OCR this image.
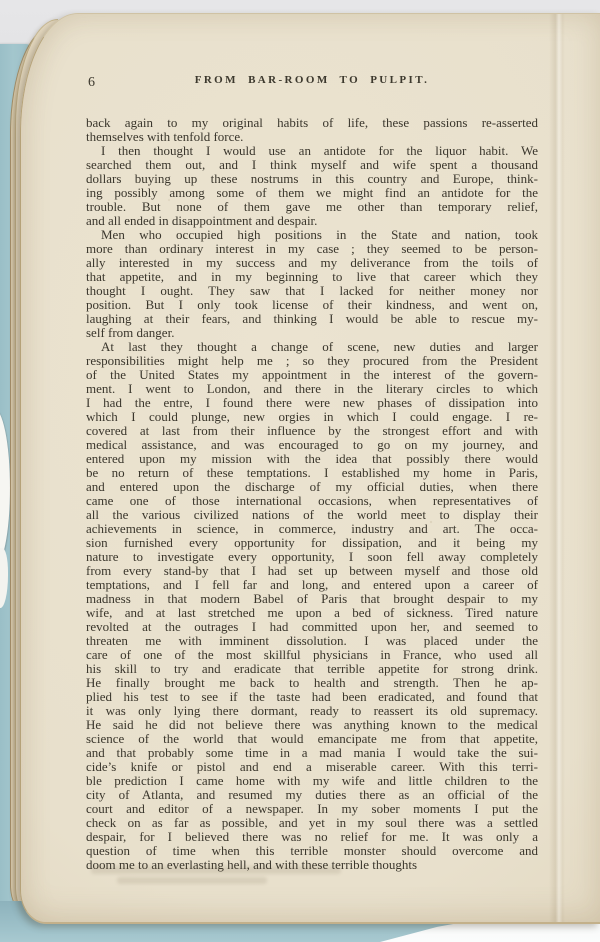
6	FROM BAR-ROOM TO PULPIT.
back again to my original habits of life, these passions re-asserted
themselves with tenfold force.
I then thought I would use an antidote for the liquor habit. We
searched them out, and I think myself and wife spent a thousand
dollars buying up these nostrums in this country and Europe, think-
ing possibly among some of them we might find an antidote for the
trouble. But none of them gave me other than temporary relief,
and all ended in disappointment and despair.
Men who occupied high positions in the State and nation, took
more than ordinary interest in my case ; they seemed to be person-
ally interested in my success and my deliverance from the toils of
that appetite, and in my beginning to live that career which they
thought I ought. They saw that I lacked for neither money nor
position. But I only took license of their kindness, and went on,
laughing at their fears, and thinking I would be able to rescue my-
self from danger.
At last they thought a change of scene, new duties and larger
responsibilities might help me ; so they procured from the President
of the United States my appointment in the interest of the govern-
ment. I went to London, and there in the literary circles to which
I had the entre, I found there were new phases of dissipation into
which I could plunge, new orgies in which I could engage. I re-
covered at last from their influence by the strongest effort and with
medical assistance, and was encouraged to go on my journey, and
entered upon my mission with the idea that possibly there would
be no return of these temptations. I established my home in Paris,
and entered upon the discharge of my official duties, when there
came one of those international occasions, when representatives of
all the various civilized nations of the world meet to display their
achievements in science, in commerce, industry and art. The occa-
sion furnished every opportunity for dissipation, and it being my
nature to investigate every opportunity, I soon fell away completely
from every stand-by that I had set up between myself and those old
temptations, and I fell far and long, and entered upon a career of
madness in that modern Babel of Paris that brought despair to my
wife, and at last stretched me upon a bed of sickness. Tired nature
revolted at the outrages I had committed upon her, and seemed to
threaten me with imminent dissolution. I was placed under the
care of one of the most skillful physicians in France, who used all
his skill to try and eradicate that terrible appetite for strong drink.
He finally brought me back to health and strength. Then he ap-
plied his test to see if the taste had been eradicated, and found that
it was only lying there dormant, ready to reassert its old supremacy.
He said he did not believe there was anything known to the medical
science of the world that would emancipate me from that appetite,
and that probably some time in a mad mania I would take the sui-
cide’s knife or pistol and end a miserable career. With this terri-
ble prediction I came home with my wife and little children to the
city of Atlanta, and resumed my duties there as an official of the
court and editor of a newspaper. In my sober moments I put the
check on as far as possible, and yet in my soul there was a settled
despair, for I believed there was no relief for me. It was only a
question of time when this terrible monster should overcome and
doom me to an everlasting hell, and with these terrible thoughts
